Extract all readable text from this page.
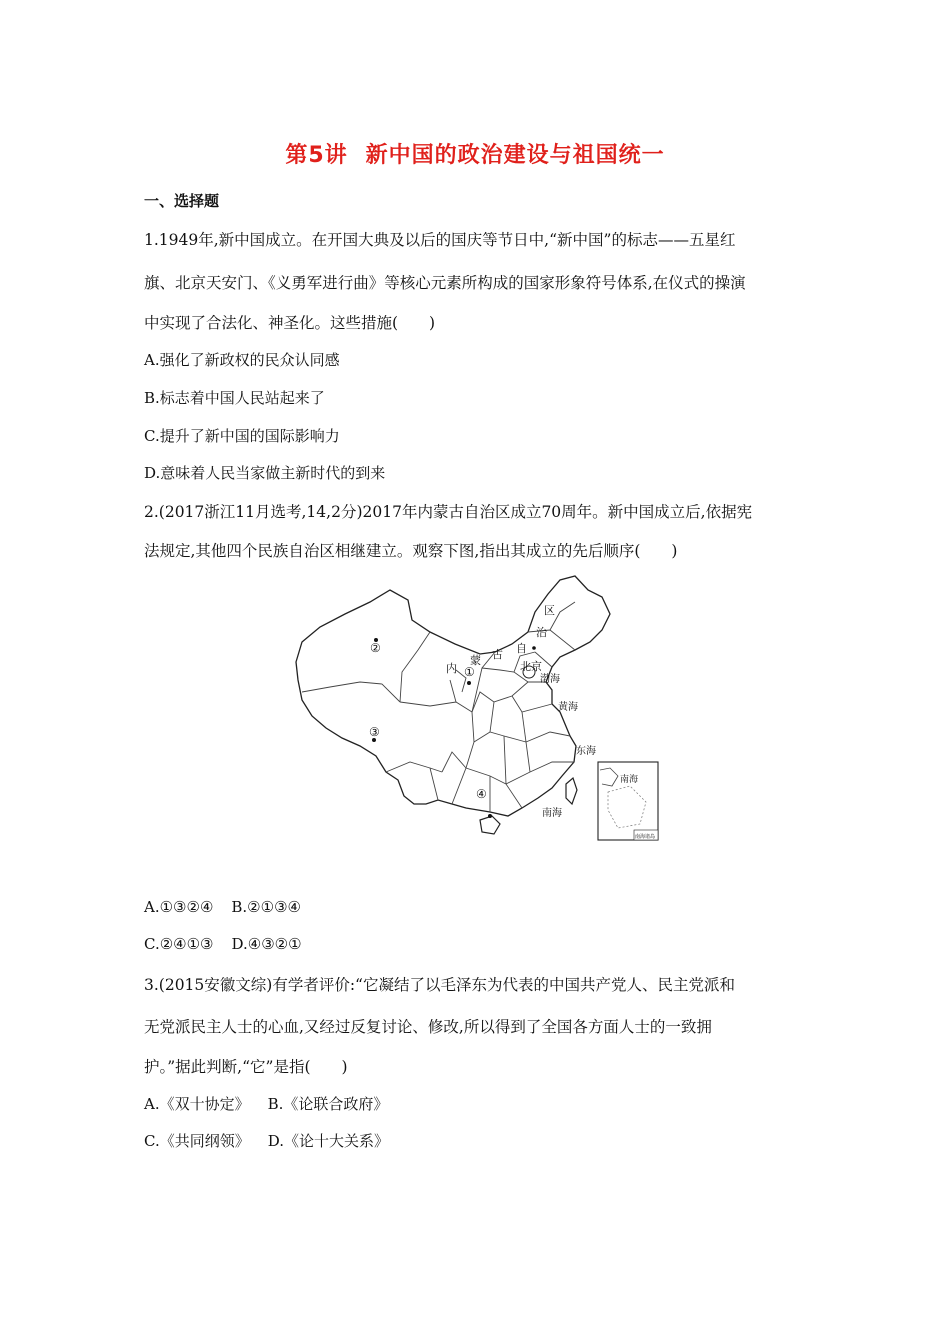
第5讲 新中国的政治建设与祖国统一
一、选择题
1.1949年,新中国成立。在开国大典及以后的国庆等节日中,“新中国”的标志——五星红
旗、北京天安门、《义勇军进行曲》等核心元素所构成的国家形象符号体系,在仪式的操演
中实现了合法化、神圣化。这些措施(　　)
A.强化了新政权的民众认同感
B.标志着中国人民站起来了
C.提升了新中国的国际影响力
D.意味着人民当家做主新时代的到来
2.(2017浙江11月选考,14,2分)2017年内蒙古自治区成立70周年。新中国成立后,依据宪
法规定,其他四个民族自治区相继建立。观察下图,指出其成立的先后顺序(　　)
②
③
④
①
内
蒙 古 自
治
区
北京
渤海
黄海
东海
南海
南海
南海诸岛
A.①③②④ B.②①③④
C.②④①③ D.④③②①
3.(2015安徽文综)有学者评价:“它凝结了以毛泽东为代表的中国共产党人、民主党派和
无党派民主人士的心血,又经过反复讨论、修改,所以得到了全国各方面人士的一致拥
护。”据此判断,“它”是指(　　)
A.《双十协定》 B.《论联合政府》
C.《共同纲领》 D.《论十大关系》
